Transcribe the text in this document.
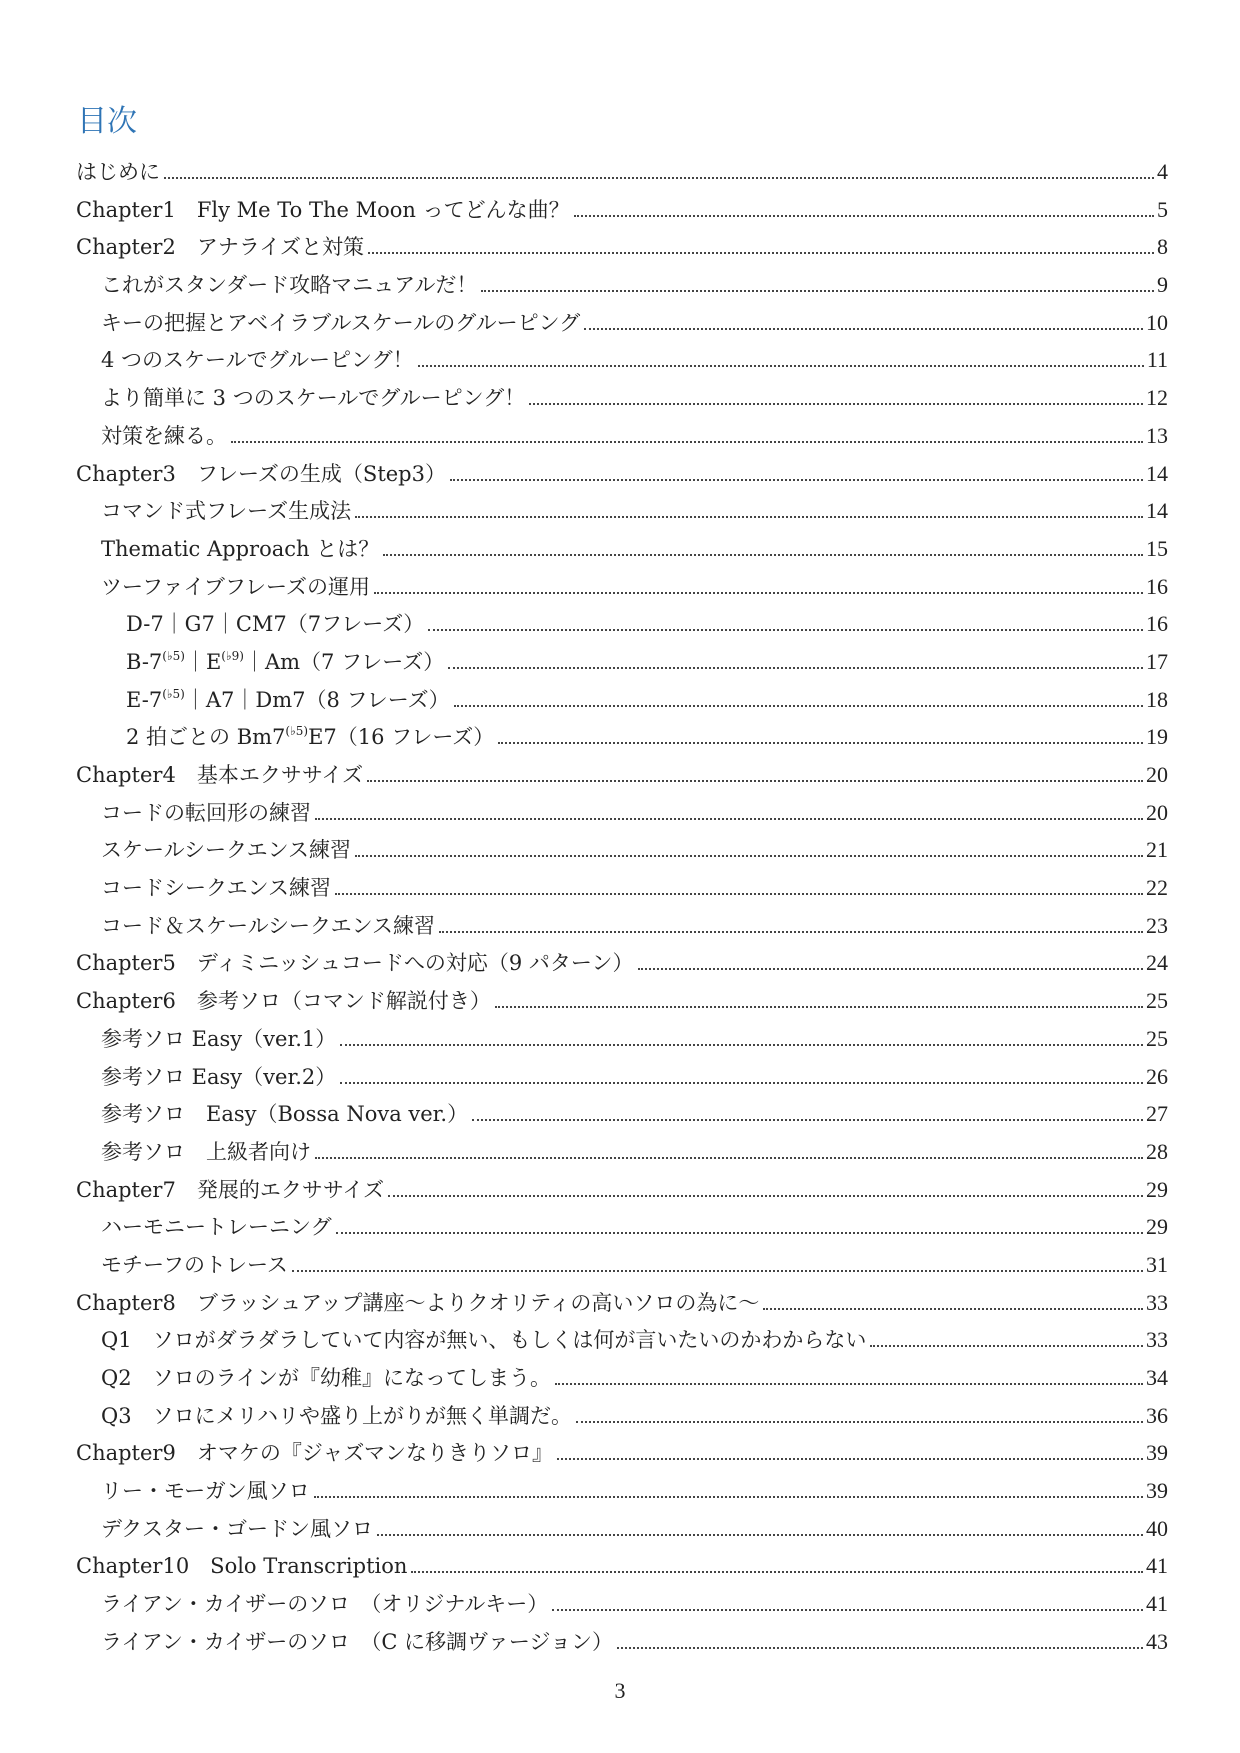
目次
はじめに	4
Chapter1　Fly Me To The Moon ってどんな曲？	5
Chapter2　アナライズと対策	8
これがスタンダード攻略マニュアルだ！	9
キーの把握とアベイラブルスケールのグルーピング	10
4 つのスケールでグルーピング！	11
より簡単に 3 つのスケールでグルーピング！	12
対策を練る。	13
Chapter3　フレーズの生成（Step3）	14
コマンド式フレーズ生成法	14
Thematic Approach とは？	15
ツーファイブフレーズの運用	16
D-7｜G7｜CM7（7フレーズ）	16
$B-7^{(♭5)}|E^{(♭9)}|Am(7$ フレーズ）	17
$E-7^{(♭5)}|A7|Dm7(8$ フレーズ）	18
2 拍ごとの $Bm7^{(♭5)}E7(16$ フレーズ）	19
Chapter4　基本エクササイズ	20
コードの転回形の練習	20
スケールシークエンス練習	21
コードシークエンス練習	22
コード＆スケールシークエンス練習	23
Chapter5　ディミニッシュコードへの対応（9 パターン）	24
Chapter6　参考ソロ（コマンド解説付き）	25
参考ソロ Easy（ver.1）	25
参考ソロ Easy（ver.2）	26
参考ソロ　Easy（Bossa Nova ver.）	27
参考ソロ　上級者向け	28
Chapter7　発展的エクササイズ	29
ハーモニートレーニング	29
モチーフのトレース	31
Chapter8　ブラッシュアップ講座～よりクオリティの高いソロの為に～	33
Q1　ソロがダラダラしていて内容が無い、もしくは何が言いたいのかわからない	33
Q2　ソロのラインが『幼稚』になってしまう。	34
Q3　ソロにメリハリや盛り上がりが無く単調だ。	36
Chapter9　オマケの『ジャズマンなりきりソロ』	39
リー・モーガン風ソロ	39
デクスター・ゴードン風ソロ	40
Chapter10　Solo Transcription	41
ライアン・カイザーのソロ　（オリジナルキー）	41
ライアン・カイザーのソロ　（C に移調ヴァージョン）	43
3
